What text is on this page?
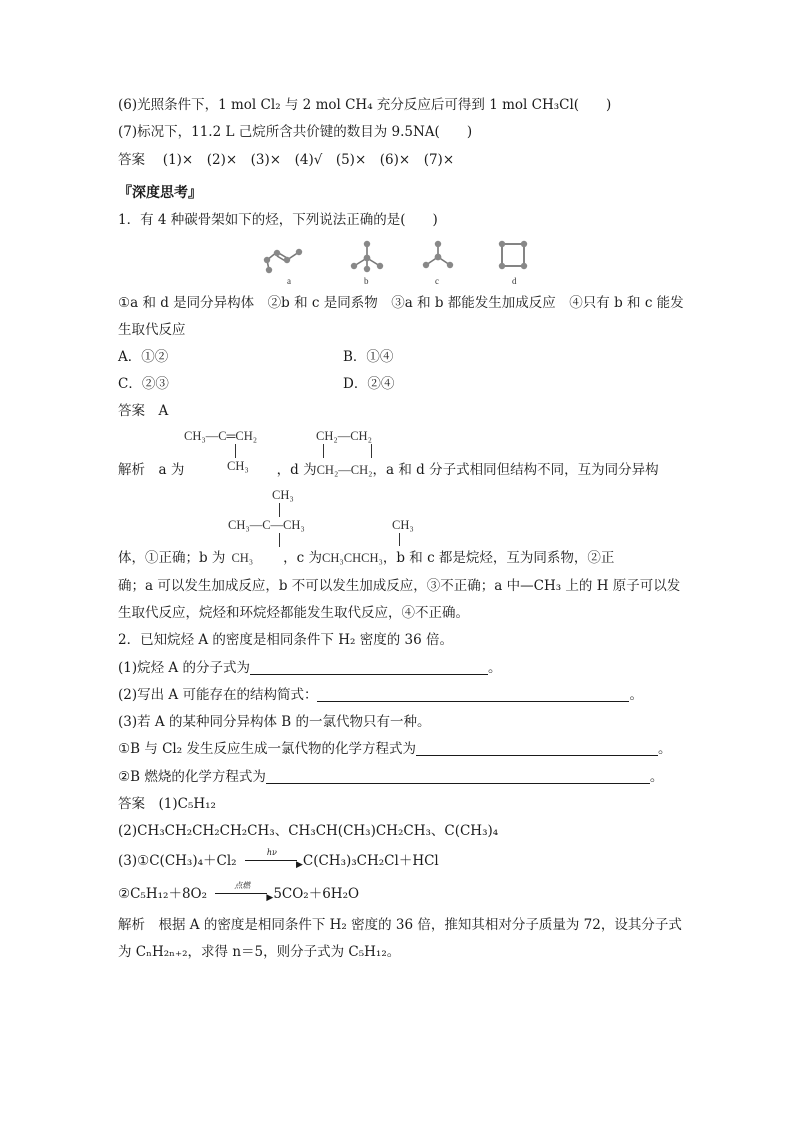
(6)光照条件下，1 mol Cl₂ 与 2 mol CH₄ 充分反应后可得到 1 mol CH₃Cl(　　)
(7)标况下，11.2 L 己烷所含共价键的数目为 9.5NA(　　)
答案　 (1)×　(2)×　(3)×　(4)√　(5)×　(6)×　(7)×
『深度思考』
1．有 4 种碳骨架如下的烃，下列说法正确的是(　　)
a	b	c	d
①a 和 d 是同分异构体　②b 和 c 是同系物　③a 和 b 都能发生加成反应　④只有 b 和 c 能发
生取代反应
A．①②	B．①④
C．②③	D．②④
答案　 A
CH₃—C═CH₂
CH₃
CH₂—CH₂
解析　 a 为	，d 为CH₂—CH₂，a 和 d 分子式相同但结构不同，互为同分异构
CH₃
CH₃—C—CH₃	CH₃
体，①正确；b 为 CH₃ ，c 为CH₃CHCH₃，b 和 c 都是烷烃，互为同系物，②正
确；a 可以发生加成反应，b 不可以发生加成反应，③不正确；a 中—CH₃ 上的 H 原子可以发
生取代反应，烷烃和环烷烃都能发生取代反应，④不正确。
2．已知烷烃 A 的密度是相同条件下 H₂ 密度的 36 倍。
(1)烷烃 A 的分子式为	。
(2)写出 A 可能存在的结构简式：	。
(3)若 A 的某种同分异构体 B 的一氯代物只有一种。
①B 与 Cl₂ 发生反应生成一氯代物的化学方程式为	。
②B 燃烧的化学方程式为	。
答案　 (1)C₅H₁₂
(2)CH₃CH₂CH₂CH₂CH₃、CH₃CH(CH₃)CH₂CH₃、C(CH₃)₄
(3)①C(CH₃)₄＋Cl₂
hν
▶ C(CH₃)₃CH₂Cl＋HCl
②C₅H₁₂＋8O₂
点燃
▶ 5CO₂＋6H₂O
解析　 根据 A 的密度是相同条件下 H₂ 密度的 36 倍，推知其相对分子质量为 72，设其分子式
为 CₙH₂ₙ₊₂，求得 n＝5，则分子式为 C₅H₁₂。
